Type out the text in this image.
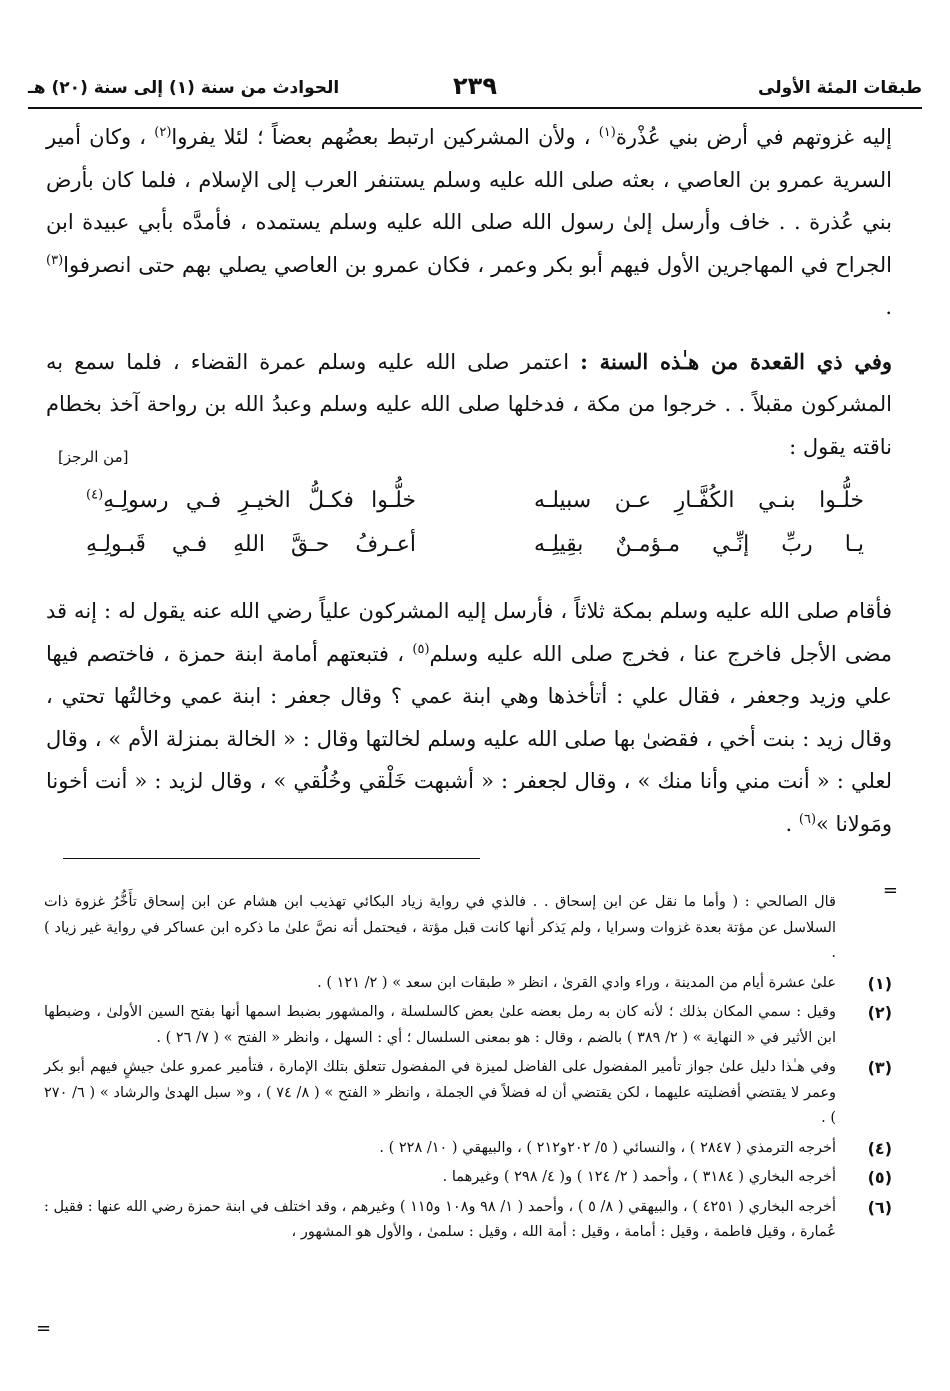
طبقات المئة الأولى
٢٣٩
الحوادث من سنة (١) إلى سنة (٢٠) هـ

إليه غزوتهم في أرض بني عُذْرة$^{(١)}$ ، ولأن المشركين ارتبط بعضُهم بعضاً ؛ لئلا يفروا$^{(٢)}$ ، وكان أمير السرية عمرو بن العاصي ، بعثه صلى الله عليه وسلم يستنفر العرب إلى الإسلام ، فلما كان بأرض بني عُذرة . . خاف وأرسل إلىٰ رسول الله صلى الله عليه وسلم يستمده ، فأمدَّه بأبي عبيدة ابن الجراح في المهاجرين الأول فيهم أبو بكر وعمر ، فكان عمرو بن العاصي يصلي بهم حتى انصرفوا$^{(٣)}$ .

وفي ذي القعدة من هـٰذه السنة : اعتمر صلى الله عليه وسلم عمرة القضاء ، فلما سمع به المشركون مقبلاً . . خرجوا من مكة ، فدخلها صلى الله عليه وسلم وعبدُ الله بن رواحة آخذ بخطام ناقته يقول :

[من الرجز]
خلُّـوا بنـي الكُفَّـارِ عـن سبيلـه
خلُّـوا فكـلُّ الخيـرِ فـي رسولِـهِ$^{(٤)}$
يـا ربِّ إنِّـي مـؤمـنٌ بقِيلِـه
أعـرفُ حـقَّ اللهِ فـي قَبـولِـهِ

فأقام صلى الله عليه وسلم بمكة ثلاثاً ، فأرسل إليه المشركون علياً رضي الله عنه يقول له : إنه قد مضى الأجل فاخرج عنا ، فخرج صلى الله عليه وسلم$^{(٥)}$ ، فتبعتهم أمامة ابنة حمزة ، فاختصم فيها علي وزيد وجعفر ، فقال علي : أتأخذها وهي ابنة عمي ؟ وقال جعفر : ابنة عمي وخالتُها تحتي ، وقال زيد : بنت أخي ، فقضىٰ بها صلى الله عليه وسلم لخالتها وقال : « الخالة بمنزلة الأم » ، وقال لعلي : « أنت مني وأنا منك » ، وقال لجعفر : « أشبهت خَلْقي وخُلُقي » ، وقال لزيد : « أنت أخونا ومَولانا »$^{(٦)}$ .

=
قال الصالحي : ( وأما ما نقل عن ابن إسحاق . . فالذي في رواية زياد البكائي تهذيب ابن هشام عن ابن إسحاق تأَخُّرُ غزوة ذات السلاسل عن مؤتة بعدة غزوات وسرايا ، ولم يَذكر أنها كانت قبل مؤتة ، فيحتمل أنه نصَّ علىٰ ما ذكره ابن عساكر في رواية غير زياد ) .
(١)
علىٰ عشرة أيام من المدينة ، وراء وادي القرىٰ ، انظر « طبقات ابن سعد » ( ٢/ ١٢١ ) .
(٢)
وقيل : سمي المكان بذلك ؛ لأنه كان به رمل بعضه علىٰ بعض كالسلسلة ، والمشهور بضبط اسمها أنها بفتح السين الأولىٰ ، وضبطها ابن الأثير في « النهاية » ( ٢/ ٣٨٩ ) بالضم ، وقال : هو بمعنى السلسال ؛ أي : السهل ، وانظر « الفتح » ( ٧/ ٢٦ ) .
(٣)
وفي هـٰذا دليل علىٰ جواز تأمير المفضول على الفاضل لميزة في المفضول تتعلق بتلك الإمارة ، فتأمير عمرو علىٰ جيشٍ فيهم أبو بكر وعمر لا يقتضي أفضليته عليهما ، لكن يقتضي أن له فضلاً في الجملة ، وانظر « الفتح » ( ٨/ ٧٤ ) ، و« سبل الهدىٰ والرشاد » ( ٦/ ٢٧٠ ) .
(٤)
أخرجه الترمذي ( ٢٨٤٧ ) ، والنسائي ( ٥/ ٢٠٢و٢١٢ ) ، والبيهقي ( ١٠/ ٢٢٨ ) .
(٥)
أخرجه البخاري ( ٣١٨٤ ) ، وأحمد ( ٢/ ١٢٤ ) و( ٤/ ٢٩٨ ) وغيرهما .
(٦)
أخرجه البخاري ( ٤٢٥١ ) ، والبيهقي ( ٨/ ٥ ) ، وأحمد ( ١/ ٩٨ و١٠٨ و١١٥ ) وغيرهم ، وقد اختلف في ابنة حمزة رضي الله عنها : فقيل : عُمارة ، وقيل فاطمة ، وقيل : أمامة ، وقيل : أمة الله ، وقيل : سلمىٰ ، والأول هو المشهور ،
=
